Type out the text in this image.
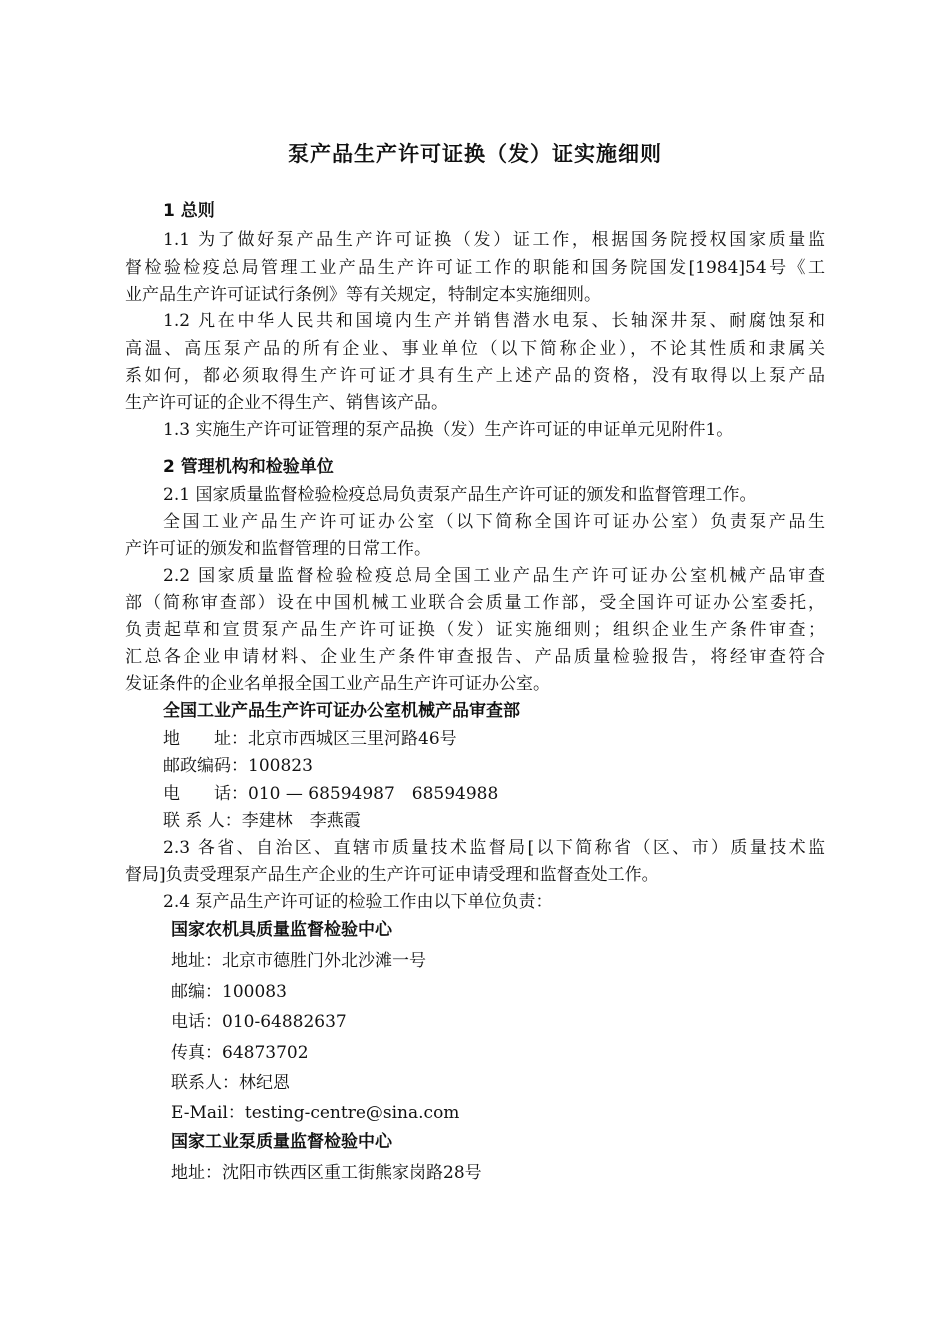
泵产品生产许可证换（发）证实施细则
1 总则
1.1 为了做好泵产品生产许可证换（发）证工作，根据国务院授权国家质量监
督检验检疫总局管理工业产品生产许可证工作的职能和国务院国发[1984]54号《工
业产品生产许可证试行条例》等有关规定，特制定本实施细则。
1.2 凡在中华人民共和国境内生产并销售潜水电泵、长轴深井泵、耐腐蚀泵和
高温、高压泵产品的所有企业、事业单位（以下简称企业），不论其性质和隶属关
系如何，都必须取得生产许可证才具有生产上述产品的资格，没有取得以上泵产品
生产许可证的企业不得生产、销售该产品。
1.3 实施生产许可证管理的泵产品换（发）生产许可证的申证单元见附件1。
2 管理机构和检验单位
2.1 国家质量监督检验检疫总局负责泵产品生产许可证的颁发和监督管理工作。
全国工业产品生产许可证办公室（以下简称全国许可证办公室）负责泵产品生
产许可证的颁发和监督管理的日常工作。
2.2 国家质量监督检验检疫总局全国工业产品生产许可证办公室机械产品审查
部（简称审查部）设在中国机械工业联合会质量工作部，受全国许可证办公室委托，
负责起草和宣贯泵产品生产许可证换（发）证实施细则；组织企业生产条件审查；
汇总各企业申请材料、企业生产条件审查报告、产品质量检验报告，将经审查符合
发证条件的企业名单报全国工业产品生产许可证办公室。
全国工业产品生产许可证办公室机械产品审查部
地　　址：北京市西城区三里河路46号
邮政编码：100823
电　　话：010 — 68594987　68594988
联 系 人：李建林　李燕霞
2.3 各省、自治区、直辖市质量技术监督局[以下简称省（区、市）质量技术监
督局]负责受理泵产品生产企业的生产许可证申请受理和监督查处工作。
2.4 泵产品生产许可证的检验工作由以下单位负责：
国家农机具质量监督检验中心
地址：北京市德胜门外北沙滩一号
邮编：100083
电话：010-64882637
传真：64873702
联系人：林纪恩
E-Mail：testing-centre@sina.com
国家工业泵质量监督检验中心
地址：沈阳市铁西区重工街熊家岗路28号
